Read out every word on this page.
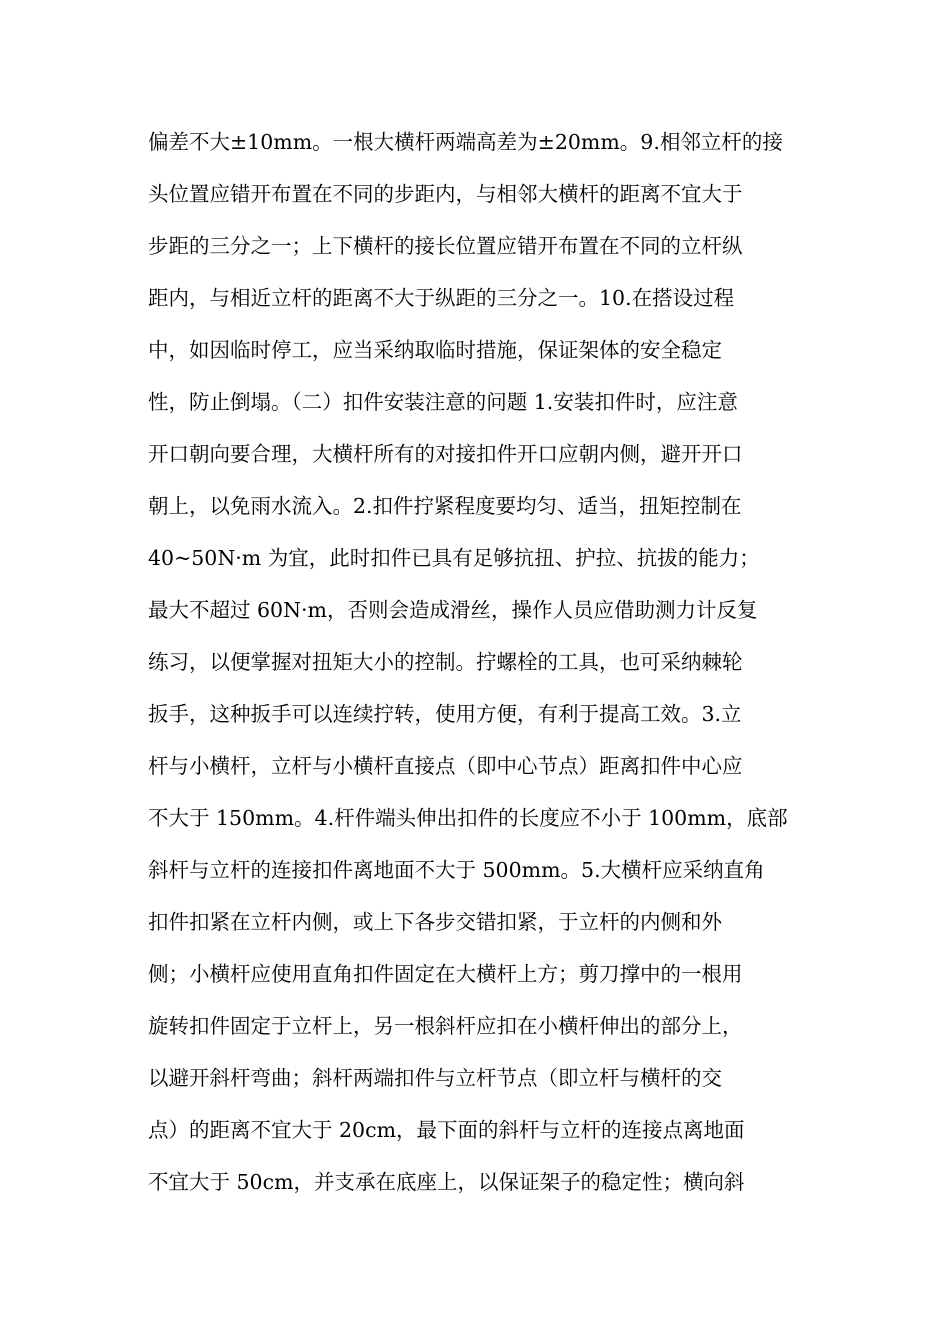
偏差不大±10mm。一根大横杆两端高差为±20mm。9.相邻立杆的接
头位置应错开布置在不同的步距内，与相邻大横杆的距离不宜大于
步距的三分之一；上下横杆的接长位置应错开布置在不同的立杆纵
距内，与相近立杆的距离不大于纵距的三分之一。10.在搭设过程
中，如因临时停工，应当采纳取临时措施，保证架体的安全稳定
性，防止倒塌。（二）扣件安装注意的问题 1.安装扣件时，应注意
开口朝向要合理，大横杆所有的对接扣件开口应朝内侧，避开开口
朝上，以免雨水流入。2.扣件拧紧程度要均匀、适当，扭矩控制在
40~50N·m 为宜，此时扣件已具有足够抗扭、护拉、抗拔的能力；
最大不超过 60N·m，否则会造成滑丝，操作人员应借助测力计反复
练习，以便掌握对扭矩大小的控制。拧螺栓的工具，也可采纳棘轮
扳手，这种扳手可以连续拧转，使用方便，有利于提高工效。3.立
杆与小横杆，立杆与小横杆直接点（即中心节点）距离扣件中心应
不大于 150mm。4.杆件端头伸出扣件的长度应不小于 100mm，底部
斜杆与立杆的连接扣件离地面不大于 500mm。5.大横杆应采纳直角
扣件扣紧在立杆内侧，或上下各步交错扣紧，于立杆的内侧和外
侧；小横杆应使用直角扣件固定在大横杆上方；剪刀撑中的一根用
旋转扣件固定于立杆上，另一根斜杆应扣在小横杆伸出的部分上，
以避开斜杆弯曲；斜杆两端扣件与立杆节点（即立杆与横杆的交
点）的距离不宜大于 20cm，最下面的斜杆与立杆的连接点离地面
不宜大于 50cm，并支承在底座上，以保证架子的稳定性；横向斜
